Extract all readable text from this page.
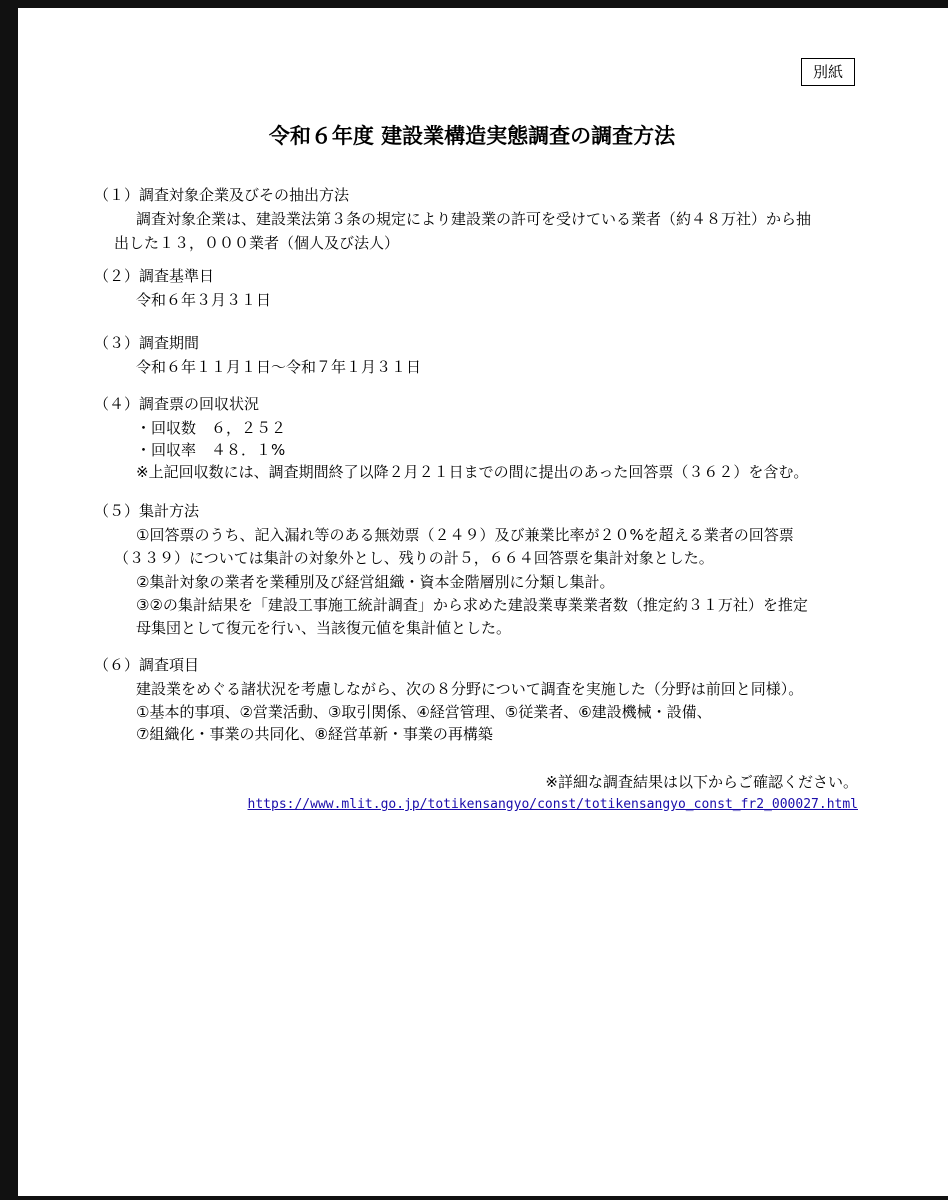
別紙
令和６年度 建設業構造実態調査の調査方法
（１）調査対象企業及びその抽出方法
調査対象企業は、建設業法第３条の規定により建設業の許可を受けている業者（約４８万社）から抽
出した１３，０００業者（個人及び法人）
（２）調査基準日
令和６年３月３１日
（３）調査期間
令和６年１１月１日～令和７年１月３１日
（４）調査票の回収状況
・回収数　６，２５２
・回収率　４８．１%
※上記回収数には、調査期間終了以降２月２１日までの間に提出のあった回答票（３６２）を含む。
（５）集計方法
①回答票のうち、記入漏れ等のある無効票（２４９）及び兼業比率が２０%を超える業者の回答票
（３３９）については集計の対象外とし、残りの計５，６６４回答票を集計対象とした。
②集計対象の業者を業種別及び経営組織・資本金階層別に分類し集計。
③②の集計結果を「建設工事施工統計調査」から求めた建設業専業業者数（推定約３１万社）を推定
母集団として復元を行い、当該復元値を集計値とした。
（６）調査項目
建設業をめぐる諸状況を考慮しながら、次の８分野について調査を実施した（分野は前回と同様）。
①基本的事項、②営業活動、③取引関係、④経営管理、⑤従業者、⑥建設機械・設備、
⑦組織化・事業の共同化、⑧経営革新・事業の再構築
※詳細な調査結果は以下からご確認ください。
https://www.mlit.go.jp/totikensangyo/const/totikensangyo_const_fr2_000027.html
